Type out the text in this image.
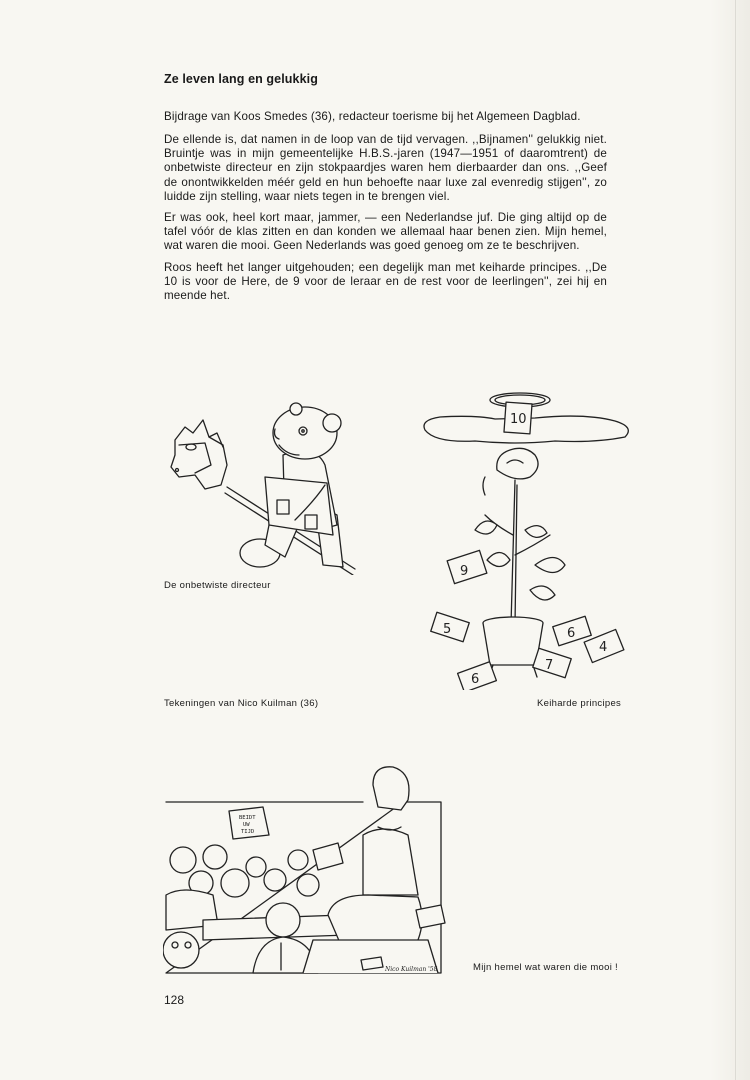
Ze leven lang en gelukkig

Bijdrage van Koos Smedes (36), redacteur toerisme bij het Algemeen Dagblad.

De ellende is, dat namen in de loop van de tijd vervagen. ,,Bijnamen'' gelukkig niet. Bruintje was in mijn gemeentelijke H.B.S.-jaren (1947—1951 of daaromtrent) de onbetwiste directeur en zijn stokpaardjes waren hem dierbaarder dan ons. ,,Geef de onontwikkelden méér geld en hun behoefte naar luxe zal evenredig stijgen'', zo luidde zijn stelling, waar niets tegen in te brengen viel.

Er was ook, heel kort maar, jammer, — een Nederlandse juf. Die ging altijd op de tafel vóór de klas zitten en dan konden we allemaal haar benen zien. Mijn hemel, wat waren die mooi. Geen Nederlands was goed genoeg om ze te beschrijven.

Roos heeft het langer uitgehouden; een degelijk man met keiharde principes. ,,De 10 is voor de Here, de 9 voor de leraar en de rest voor de leerlingen'', zei hij en meende het.

De onbetwiste directeur
10
9
5	6
4
7
6
Tekeningen van Nico Kuilman (36)	Keiharde principes
BEIDT
UW
TIJD
Nico Kuilman '58	Mijn hemel wat waren die mooi !
128
